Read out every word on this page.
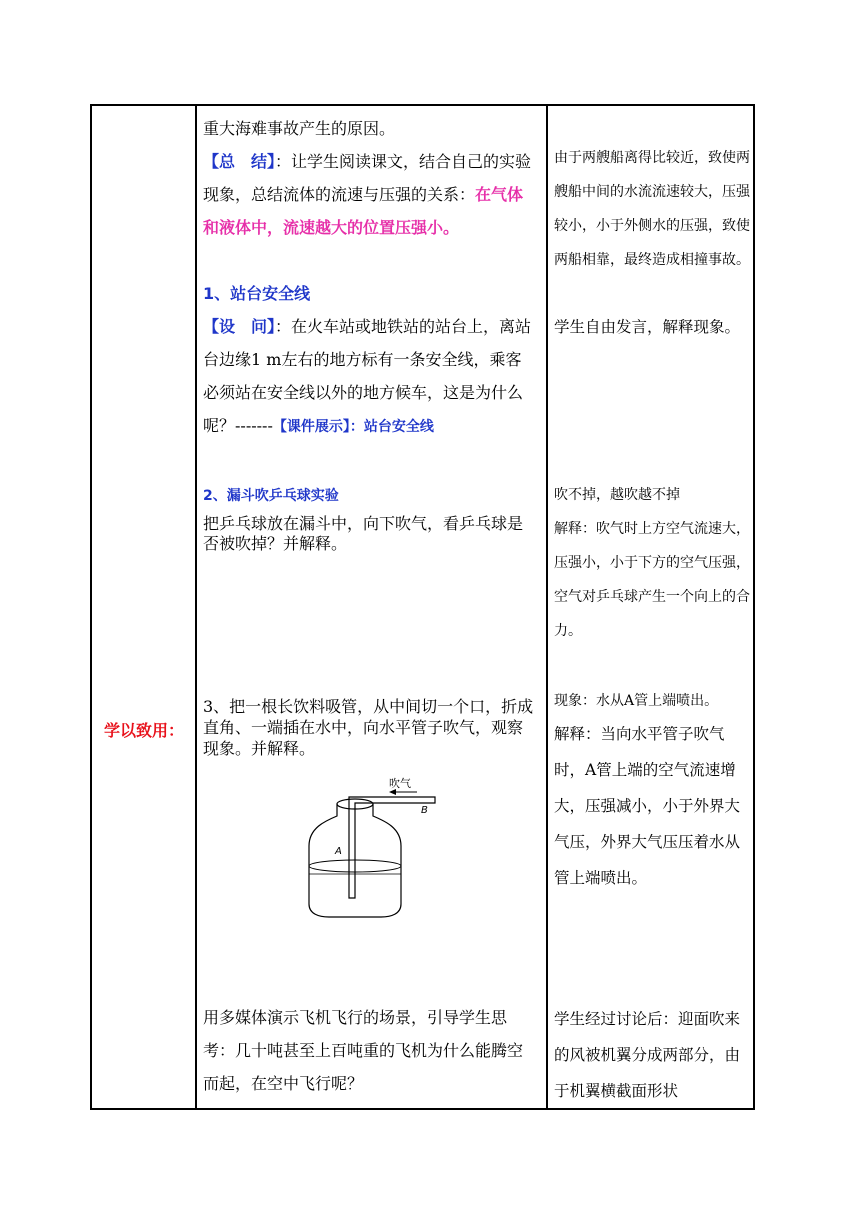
学以致用：

重大海难事故产生的原因。

【总　结】：让学生阅读课文，结合自己的实验现象，总结流体的流速与压强的关系：在气体和液体中，流速越大的位置压强小。

1、站台安全线

【设　问】：在火车站或地铁站的站台上，离站台边缘1 m左右的地方标有一条安全线，乘客必须站在安全线以外的地方候车，这是为什么呢？-------【课件展示】：站台安全线

2、漏斗吹乒乓球实验

把乒乓球放在漏斗中，向下吹气，看乒乓球是否被吹掉？并解释。

3、把一根长饮料吸管，从中间切一个口，折成直角、一端插在水中，向水平管子吹气，观察现象。并解释。

吹气
B
A

用多媒体演示飞机飞行的场景，引导学生思考：几十吨甚至上百吨重的飞机为什么能腾空而起，在空中飞行呢？

由于两艘船离得比较近，致使两艘船中间的水流流速较大，压强较小，小于外侧水的压强，致使两船相靠，最终造成相撞事故。

学生自由发言，解释现象。

吹不掉，越吹越不掉

解释：吹气时上方空气流速大，压强小，小于下方的空气压强，空气对乒乓球产生一个向上的合力。

现象：水从A管上端喷出。

解释：当向水平管子吹气时，A管上端的空气流速增大，压强减小，小于外界大气压，外界大气压压着水从管上端喷出。

学生经过讨论后：迎面吹来的风被机翼分成两部分，由于机翼横截面形状
